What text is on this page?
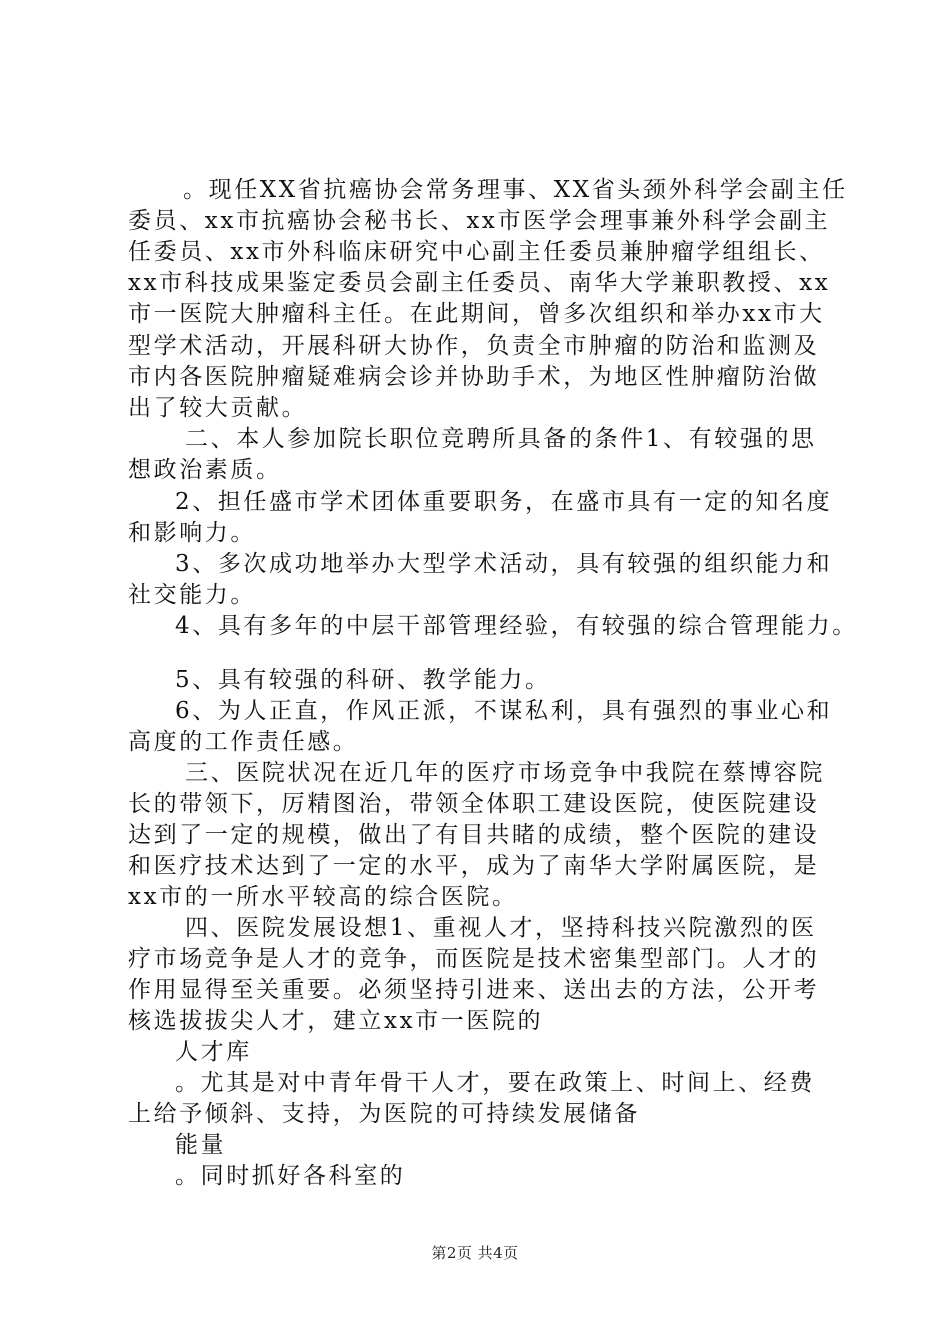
。现任XX省抗癌协会常务理事、XX省头颈外科学会副主任
委员、xx市抗癌协会秘书长、xx市医学会理事兼外科学会副主
任委员、xx市外科临床研究中心副主任委员兼肿瘤学组组长、
xx市科技成果鉴定委员会副主任委员、南华大学兼职教授、xx
市一医院大肿瘤科主任。在此期间，曾多次组织和举办xx市大
型学术活动，开展科研大协作，负责全市肿瘤的防治和监测及
市内各医院肿瘤疑难病会诊并协助手术，为地区性肿瘤防治做
出了较大贡献。
二、本人参加院长职位竞聘所具备的条件1、有较强的思
想政治素质。
2、担任盛市学术团体重要职务，在盛市具有一定的知名度
和影响力。
3、多次成功地举办大型学术活动，具有较强的组织能力和
社交能力。
4、具有多年的中层干部管理经验，有较强的综合管理能力。
5、具有较强的科研、教学能力。
6、为人正直，作风正派，不谋私利，具有强烈的事业心和
高度的工作责任感。
三、医院状况在近几年的医疗市场竞争中我院在蔡博容院
长的带领下，厉精图治，带领全体职工建设医院，使医院建设
达到了一定的规模，做出了有目共睹的成绩，整个医院的建设
和医疗技术达到了一定的水平，成为了南华大学附属医院，是
xx市的一所水平较高的综合医院。
四、医院发展设想1、重视人才，坚持科技兴院激烈的医
疗市场竞争是人才的竞争，而医院是技术密集型部门。人才的
作用显得至关重要。必须坚持引进来、送出去的方法，公开考
核选拔拔尖人才，建立xx市一医院的
人才库
。尤其是对中青年骨干人才，要在政策上、时间上、经费
上给予倾斜、支持，为医院的可持续发展储备
能量
。同时抓好各科室的
第2页 共4页
